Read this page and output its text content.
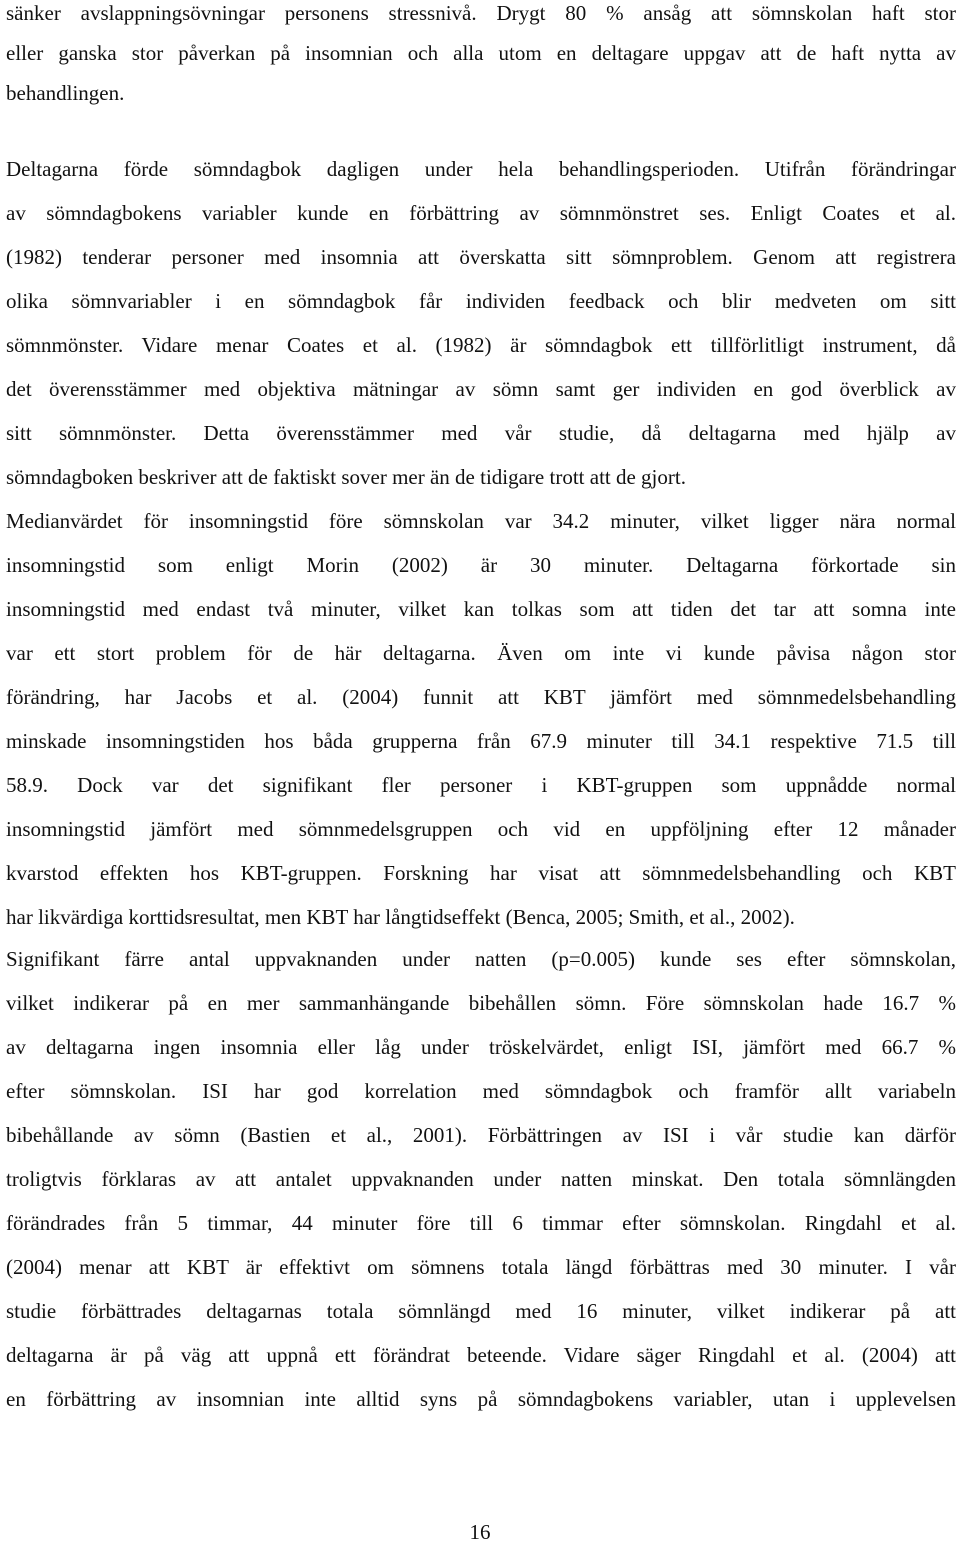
sänker avslappningsövningar personens stressnivå. Drygt 80 % ansåg att sömnskolan haft stor
eller ganska stor påverkan på insomnian och alla utom en deltagare uppgav att de haft nytta av
behandlingen.
Deltagarna förde sömndagbok dagligen under hela behandlingsperioden. Utifrån förändringar
av sömndagbokens variabler kunde en förbättring av sömnmönstret ses. Enligt Coates et al.
(1982) tenderar personer med insomnia att överskatta sitt sömnproblem. Genom att registrera
olika sömnvariabler i en sömndagbok får individen feedback och blir medveten om sitt
sömnmönster. Vidare menar Coates et al. (1982) är sömndagbok ett tillförlitligt instrument, då
det överensstämmer med objektiva mätningar av sömn samt ger individen en god överblick av
sitt sömnmönster. Detta överensstämmer med vår studie, då deltagarna med hjälp av
sömndagboken beskriver att de faktiskt sover mer än de tidigare trott att de gjort.
Medianvärdet för insomningstid före sömnskolan var 34.2 minuter, vilket ligger nära normal
insomningstid som enligt Morin (2002) är 30 minuter. Deltagarna förkortade sin
insomningstid med endast två minuter, vilket kan tolkas som att tiden det tar att somna inte
var ett stort problem för de här deltagarna. Även om inte vi kunde påvisa någon stor
förändring, har Jacobs et al. (2004) funnit att KBT jämfört med sömnmedelsbehandling
minskade insomningstiden hos båda grupperna från 67.9 minuter till 34.1 respektive 71.5 till
58.9. Dock var det signifikant fler personer i KBT-gruppen som uppnådde normal
insomningstid jämfört med sömnmedelsgruppen och vid en uppföljning efter 12 månader
kvarstod effekten hos KBT-gruppen. Forskning har visat att sömnmedelsbehandling och KBT
har likvärdiga korttidsresultat, men KBT har långtidseffekt (Benca, 2005; Smith, et al., 2002).
Signifikant färre antal uppvaknanden under natten (p=0.005) kunde ses efter sömnskolan,
vilket indikerar på en mer sammanhängande bibehållen sömn. Före sömnskolan hade 16.7 %
av deltagarna ingen insomnia eller låg under tröskelvärdet, enligt ISI, jämfört med 66.7 %
efter sömnskolan. ISI har god korrelation med sömndagbok och framför allt variabeln
bibehållande av sömn (Bastien et al., 2001). Förbättringen av ISI i vår studie kan därför
troligtvis förklaras av att antalet uppvaknanden under natten minskat. Den totala sömnlängden
förändrades från 5 timmar, 44 minuter före till 6 timmar efter sömnskolan. Ringdahl et al.
(2004) menar att KBT är effektivt om sömnens totala längd förbättras med 30 minuter. I vår
studie förbättrades deltagarnas totala sömnlängd med 16 minuter, vilket indikerar på att
deltagarna är på väg att uppnå ett förändrat beteende. Vidare säger Ringdahl et al. (2004) att
en förbättring av insomnian inte alltid syns på sömndagbokens variabler, utan i upplevelsen
16
